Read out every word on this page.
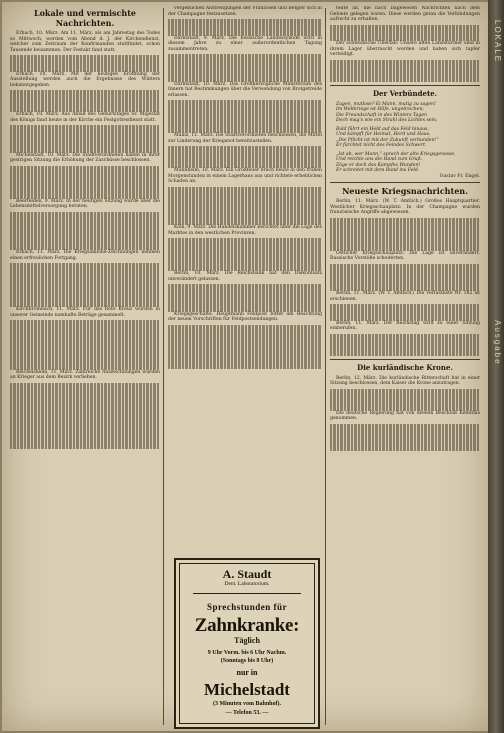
Lokale und vermischte Nachrichten.

Erbach, 10. März. Am 11. März, als am Jahrestag des Todes so Mittwoch, werden vom Abend d. J. der Kirchendienst, welcher zum Zeitraum der Konfirmanden stattfindet, schon Tausende beisammen. Der Festakt fand statt.

Erbach, 10. März. Mit der heutigen Eröffnung der Ausstellung werden auch die Ergebnisse des Winters bekanntgegeben.

Erbach, 10. März. Aus Anlaß des Geburtstages Sr. Majestät des Königs fand heute in der Kirche ein Festgottesdienst statt.

Michelstadt, 10. März. Die Stadtverordneten haben in ihrer gestrigen Sitzung die Erhöhung der Zuschüsse beschlossen.

Beerfelden, 9. März. In der heutigen Sitzung wurde über die Lebensmittelversorgung beraten.

Erbach, 11. März. Die Kriegsanleihe-Zeichnungen nehmen einen erfreulichen Fortgang.

Kirchbrombach, 11. März. Für das Rote Kreuz wurden in unserer Gemeinde namhafte Beträge gesammelt.

Reichelsheim, 11. März. Zahlreiche Auszeichnungen wurden an Krieger aus dem Bezirk verliehen.

vergeblichen Anstrengungen der Franzosen und Belgier sich in der Champagne festzusetzen.

Darmstadt, 9. März. Die hessische Landessynode wird in diesem Jahre zu einer außerordentlichen Tagung zusammentreten.

Darmstadt, 10. März. Das Großherzogliche Ministerium des Innern hat Bestimmungen über die Verwendung von Brotgetreide erlassen.

Mainz, 11. März. Die Stadtverordneten beschlossen, die Mittel zur Linderung der Kriegsnot bereitzustellen.

Mannheim, 10. März. Ein Großfeuer brach heute in den frühen Morgenstunden in einem Lagerhaus aus und richtete erheblichen Schaden an.

Köln, 9. März. Die Handelskammer berichtet über die Lage des Marktes in den westlichen Provinzen.

Berlin, 10. März. Die Reichsbank hat den Diskontsatz unverändert gelassen.

Kriegsgeschäfte. Hauptmann Feldpost bittet um Beachtung der neuen Vorschriften für Feldpostsendungen.

A. Staudt
Dent. Laboratorium.
Sprechstunden für
Zahnkranke:
Täglich
9 Uhr Vorm. bis 6 Uhr Nachm.
(Sonntags bis 8 Uhr)
nur in
Michelstadt
(3 Minuten vom Bahnhof).
— Telefon 53. —

teilte an, die nach Dagewesen Nachrichten nach dem Gebiete gelegen waren. Diese werden getan die Verbindungen aufrecht zu erhalten.

Der schwedische Überfall: Unsere alten Landstürmer sind in ihrem Lager überrascht worden und haben sich tapfer verteidigt.

Der Verbündete.

Zagen, mutlose? Ei Mann, mutig zu sagen!

Im Weltkriege ist Hilfe, ungebrochen;

Die Freundschaft in des Winters Tagen

Doch mag's wie ein Strahl des Lichtes sein.

Bald fährt ein Held auf das Feld hinaus,

Und kämpft für Heimat, Herd und Haus.

„Die Pflicht ist mit der Zukunft verbunden!“

Er fürchtet nicht des Feindes Schwert.

„Ist ab, wer Mann,“ sprach der alte Kriegsgenosse,

Und reichte uns die Hand zum Gruß.

Zöge er doch des Kampfes Wunden!

Er schreitet mit dem Bund ins Feld.

Gustav Fr. Engel.

Neueste Kriegsnachrichten.

Berlin, 11. März. (W. T. Amtlich.) Großes Hauptquartier. Westlicher Kriegsschauplatz: In der Champagne wurden französische Angriffe abgewiesen.

Östlicher Kriegsschauplatz: Die Lage ist unverändert. Russische Vorstöße scheiterten.

Berlin, 11. März. (W. T. Amtlich.) Die Verlustliste Nr. 182 ist erschienen.

Berlin, 11. März. Der Reichstag wird zu einer Sitzung einberufen.

Die kurländische Krone.

Berlin, 12. März. Die kurländische Ritterschaft hat in einer Sitzung beschlossen, dem Kaiser die Krone anzutragen.

Die deutsche Regierung hat von diesem Beschluß Kenntnis genommen.

LOKALE
Ausgabe
